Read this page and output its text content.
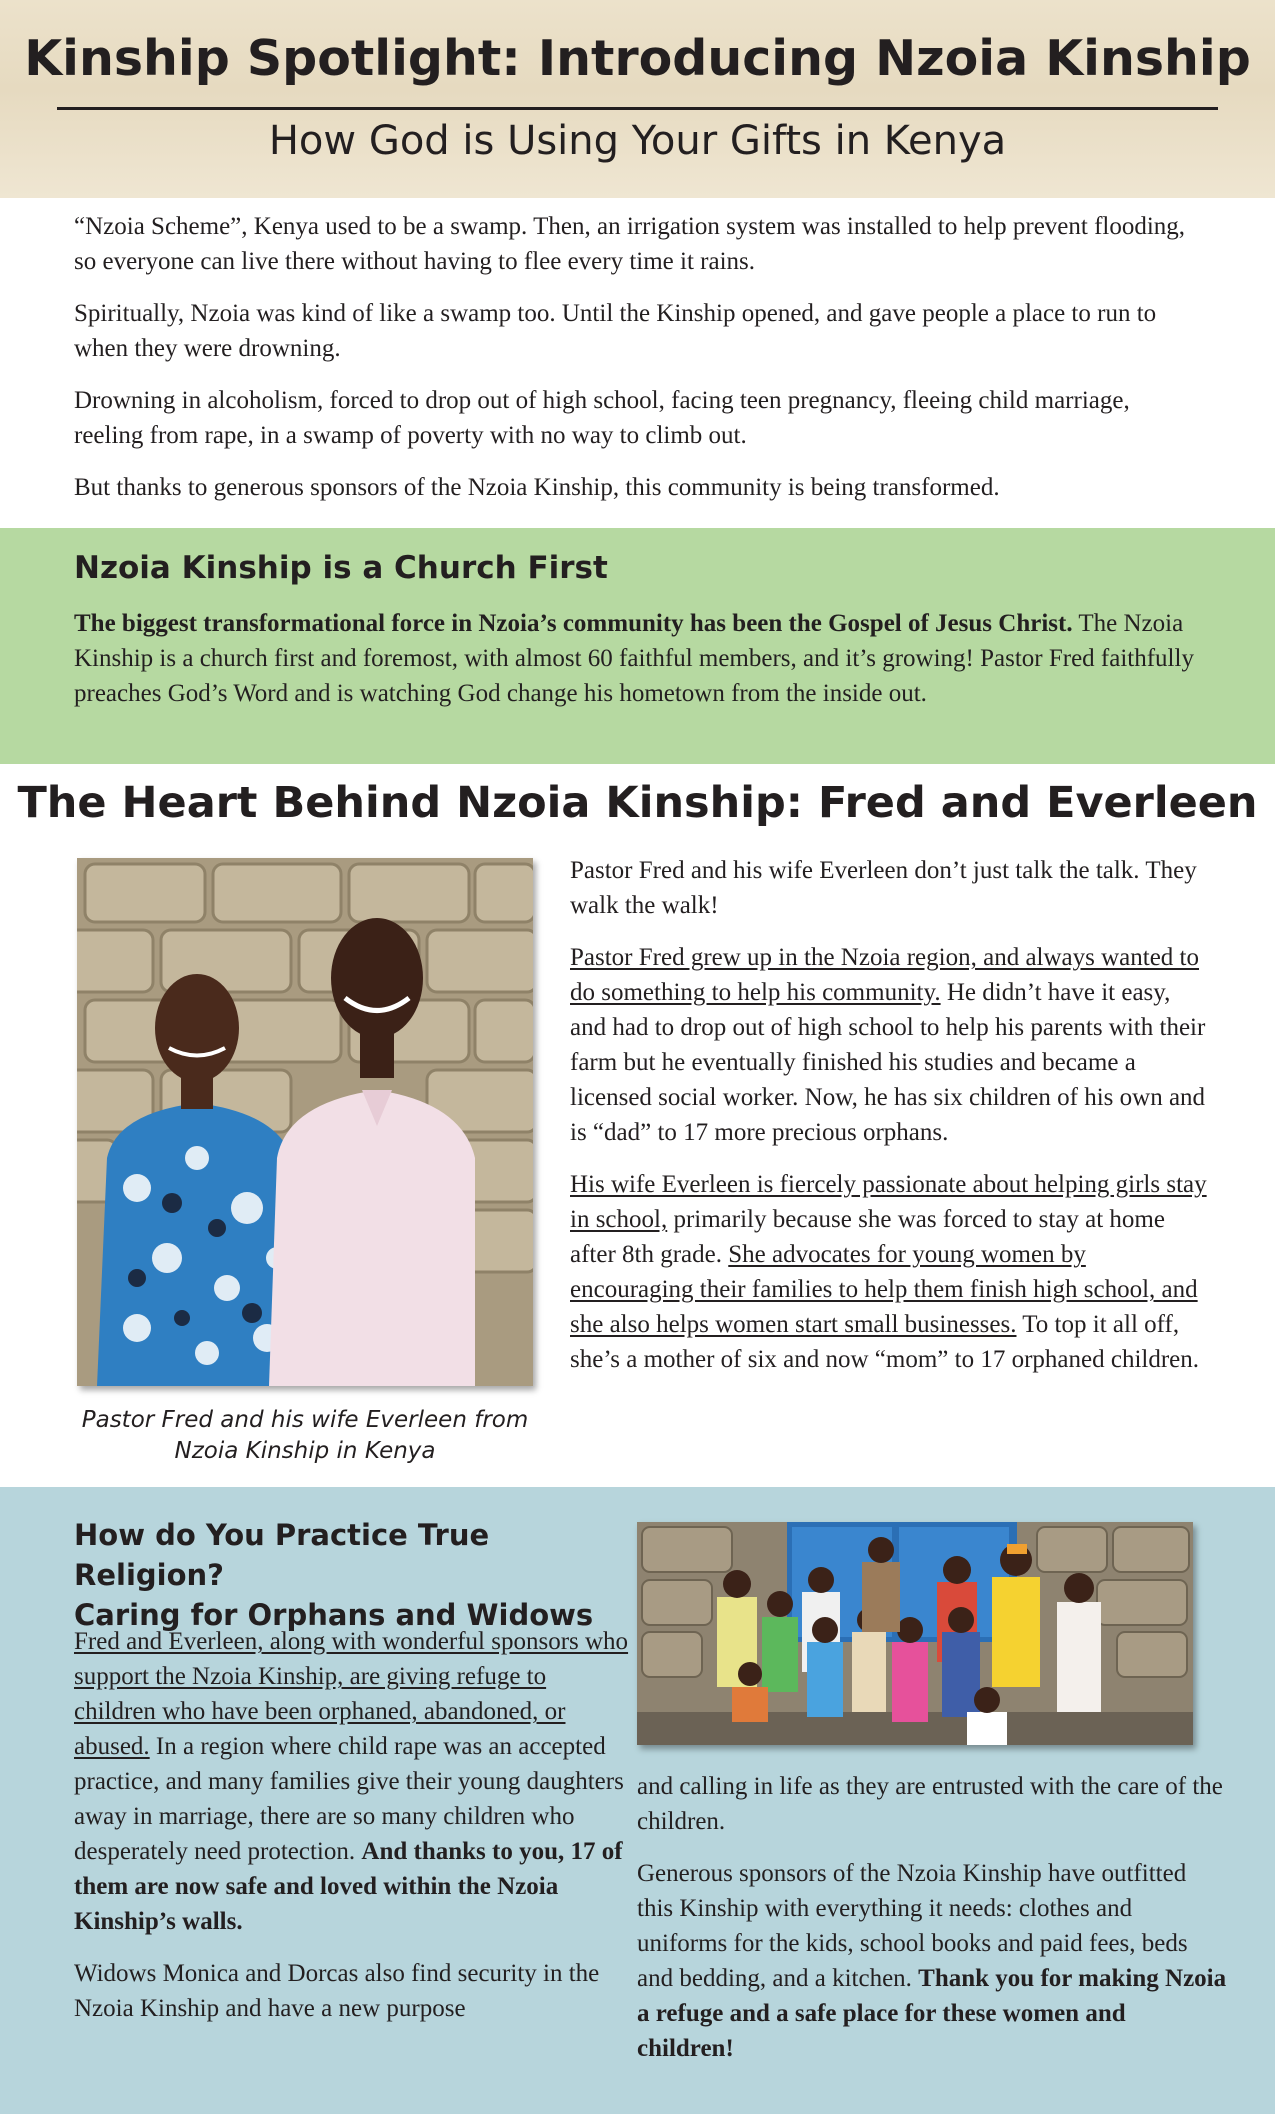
Kinship Spotlight: Introducing Nzoia Kinship
How God is Using Your Gifts in Kenya

“Nzoia Scheme”, Kenya used to be a swamp. Then, an irrigation system was installed to help prevent flooding, so everyone can live there without having to flee every time it rains.

Spiritually, Nzoia was kind of like a swamp too. Until the Kinship opened, and gave people a place to run to when they were drowning.

Drowning in alcoholism, forced to drop out of high school, facing teen pregnancy, fleeing child marriage, reeling from rape, in a swamp of poverty with no way to climb out.

But thanks to generous sponsors of the Nzoia Kinship, this community is being transformed.

Nzoia Kinship is a Church First
The biggest transformational force in Nzoia’s community has been the Gospel of Jesus Christ. The Nzoia Kinship is a church first and foremost, with almost 60 faithful members, and it’s growing! Pastor Fred faithfully preaches God’s Word and is watching God change his hometown from the inside out.
The Heart Behind Nzoia Kinship: Fred and Everleen
Pastor Fred and his wife Everleen from Nzoia Kinship in Kenya

Pastor Fred and his wife Everleen don’t just talk the talk. They walk the walk!

Pastor Fred grew up in the Nzoia region, and always wanted to do something to help his community. He didn’t have it easy, and had to drop out of high school to help his parents with their farm but he eventually finished his studies and became a licensed social worker. Now, he has six children of his own and is “dad” to 17 more precious orphans.

His wife Everleen is fiercely passionate about helping girls stay in school, primarily because she was forced to stay at home after 8th grade. She advocates for young women by encouraging their families to help them finish high school, and she also helps women start small businesses. To top it all off, she’s a mother of six and now “mom” to 17 orphaned children.

How do You Practice True Religion?
Caring for Orphans and Widows

Fred and Everleen, along with wonderful sponsors who support the Nzoia Kinship, are giving refuge to children who have been orphaned, abandoned, or abused. In a region where child rape was an accepted practice, and many families give their young daughters away in marriage, there are so many children who desperately need protection. And thanks to you, 17 of them are now safe and loved within the Nzoia Kinship’s walls.

Widows Monica and Dorcas also find security in the Nzoia Kinship and have a new purpose

and calling in life as they are entrusted with the care of the children.

Generous sponsors of the Nzoia Kinship have outfitted this Kinship with everything it needs: clothes and uniforms for the kids, school books and paid fees, beds and bedding, and a kitchen. Thank you for making Nzoia a refuge and a safe place for these women and children!
